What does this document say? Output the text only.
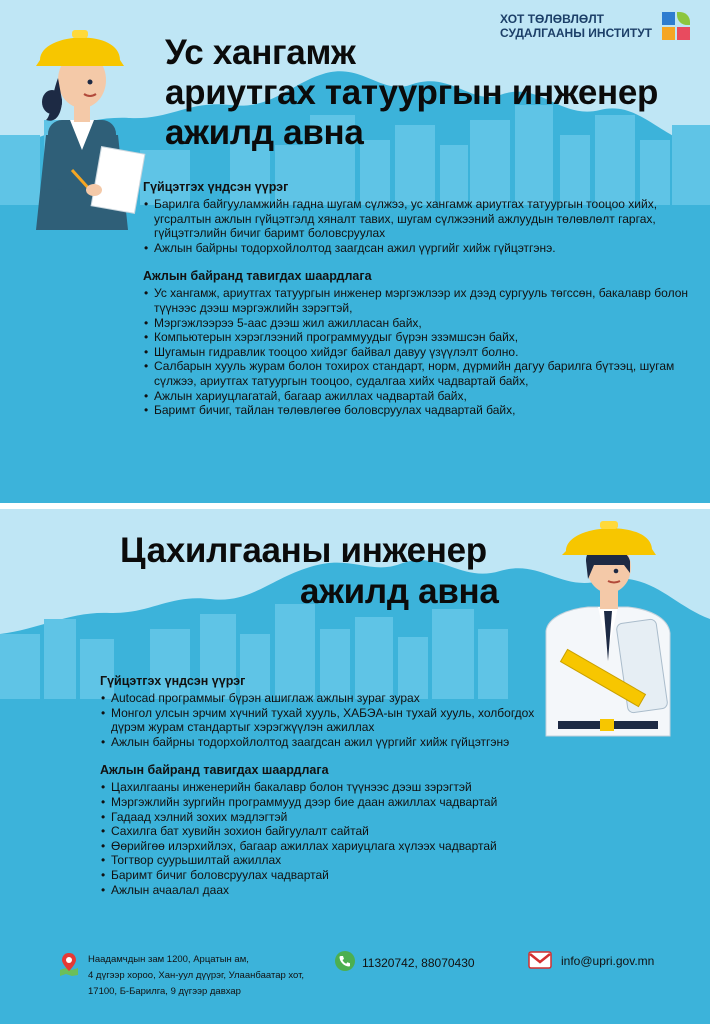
ХОТ ТӨЛӨВЛӨЛТ
СУДАЛГААНЫ ИНСТИТУТ
Ус хангамж
ариутгах татуургын инженер
ажилд авна
Гүйцэтгэх үндсэн үүрэг
• Барилга байгууламжийн гадна шугам сүлжээ, ус хангамж ариутгах татуургын тооцоо хийх, угсралтын ажлын гүйцэтгэлд хяналт тавих, шугам сүлжээний ажлуудын төлөвлөлт гаргах, гүйцэтгэлийн бичиг баримт боловсруулах
• Ажлын байрны тодорхойлолтод заагдсан ажил үүргийг хийж гүйцэтгэнэ.
Ажлын байранд тавигдах шаардлага
• Ус хангамж, ариутгах татуургын инженер мэргэжлээр их дээд сургууль төгссөн, бакалавр болон түүнээс дээш мэргэжлийн зэрэгтэй,
• Мэргэжлээрээ 5-аас дээш жил ажилласан байх,
• Компьютерын хэрэглээний программуудыг бүрэн эзэмшсэн байх,
• Шугамын гидравлик тооцоо хийдэг байвал давуу үзүүлэлт болно.
• Салбарын хууль журам болон тохирох стандарт, норм, дүрмийн дагуу барилга бүтээц, шугам сүлжээ, ариутгах татуургын тооцоо, судалгаа хийх чадвартай байх,
• Ажлын хариуцлагатай, багаар ажиллах чадвартай байх,
• Баримт бичиг, тайлан төлөвлөгөө боловсруулах чадвартай байх,
Цахилгааны инженер
ажилд авна
Гүйцэтгэх үндсэн үүрэг
• Autocad программыг бүрэн ашиглаж ажлын зураг зурах
• Монгол улсын эрчим хүчний тухай хууль, ХАБЭА-ын тухай хууль, холбогдох дүрэм журам стандартыг хэрэгжүүлэн ажиллах
• Ажлын байрны тодорхойлолтод заагдсан ажил үүргийг хийж гүйцэтгэнэ
Ажлын байранд тавигдах шаардлага
• Цахилгааны инженерийн бакалавр болон түүнээс дээш зэрэгтэй
• Мэргэжлийн зургийн программууд дээр бие даан ажиллах чадвартай
• Гадаад хэлний зохих мэдлэгтэй
• Сахилга бат хувийн зохион байгуулалт сайтай
• Өөрийгөө илэрхийлэх, багаар ажиллах хариуцлага хүлээх чадвартай
• Тогтвор суурьшилтай ажиллах
• Баримт бичиг боловсруулах чадвартай
• Ажлын ачаалал даах
Наадамчдын зам 1200, Арцатын ам,
4 дүгээр хороо, Хан-уул дүүрэг, Улаанбаатар хот,
17100, Б-Барилга, 9 дүгээр давхар
11320742, 88070430	info@upri.gov.mn
